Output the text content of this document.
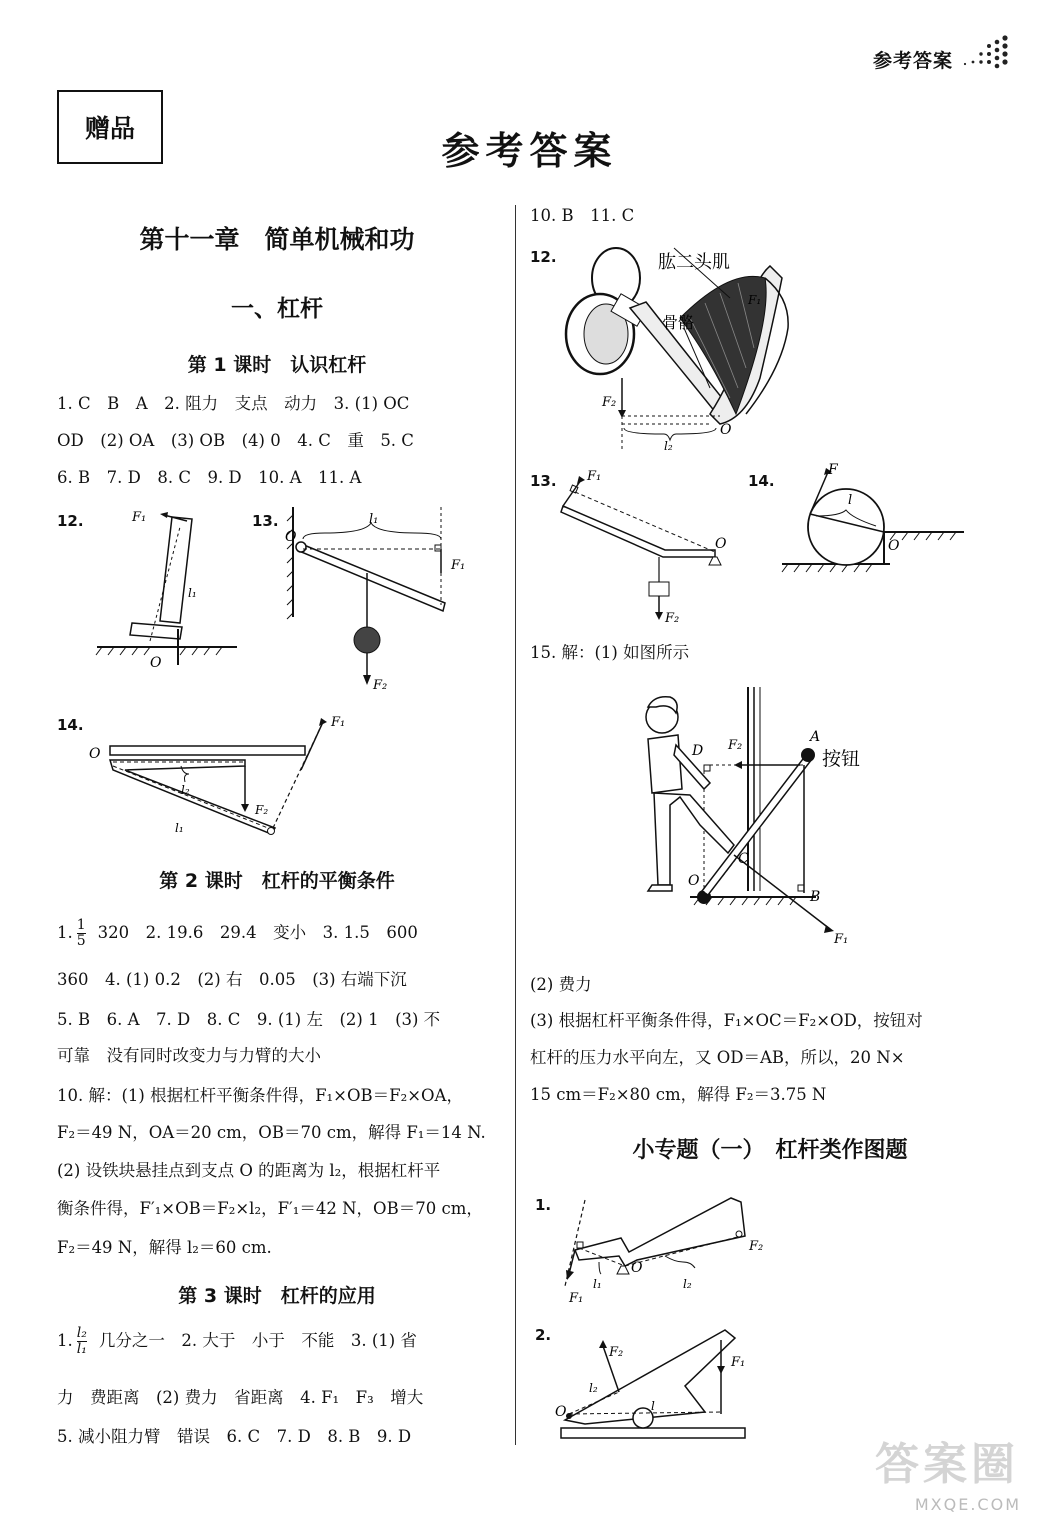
参考答案
赠品
参考答案
第十一章　简单机械和功
一、杠杆
第 1 课时　认识杠杆
1. C　B　A　2. 阻力　支点　动力　3. (1) OC
OD　(2) OA　(3) OB　(4) 0　4. C　重　5. C
6. B　7. D　8. C　9. D　10. A　11. A
12.	13.
F₁
l₁
O
l₁
O
F₁
F₂
14.
O
F₁
l₂
F₂
l₁
第 2 课时　杠杆的平衡条件
1. $\frac{1}{5} 320$　2. 19.6　29.4　变小　3. 1.5　600
360　4. (1) 0.2　(2) 右　0.05　(3) 右端下沉
5. B　6. A　7. D　8. C　9. (1) 左　(2) 1　(3) 不
可靠　没有同时改变力与力臂的大小
10. 解：(1) 根据杠杆平衡条件得，F₁×OB＝F₂×OA，
F₂＝49 N，OA＝20 cm，OB＝70 cm，解得 F₁＝14 N.
(2) 设铁块悬挂点到支点 O 的距离为 l₂，根据杠杆平
衡条件得，F′₁×OB＝F₂×l₂，F′₁＝42 N，OB＝70 cm，
F₂＝49 N，解得 l₂＝60 cm.
第 3 课时　杠杆的应用
1. $\frac{\text{l₂}}{\text{l₁}}$ 几分之一　2. 大于　小于　不能　3. (1) 省
力　费距离　(2) 费力　省距离　4. F₁　F₃　增大
5. 减小阻力臂　错误　6. C　7. D　8. B　9. D
10. B　11. C
12.	肱二头肌
骨骼
F₁
F₂
l₂
O
13.	14.
F₁
O
F₂
F
l
O
15. 解：(1) 如图所示
D F₂
A
按钮
C
O
B
F₁
(2) 费力
(3) 根据杠杆平衡条件得，F₁×OC＝F₂×OD，按钮对
杠杆的压力水平向左，又 OD＝AB，所以，20 N×
15 cm＝F₂×80 cm，解得 F₂＝3.75 N
小专题（一）　杠杆类作图题
1.
F₁
l₁
O
l₂
F₂
2.
O
F₂
l₂
l
F₁
答案圈
MXQE.COM
